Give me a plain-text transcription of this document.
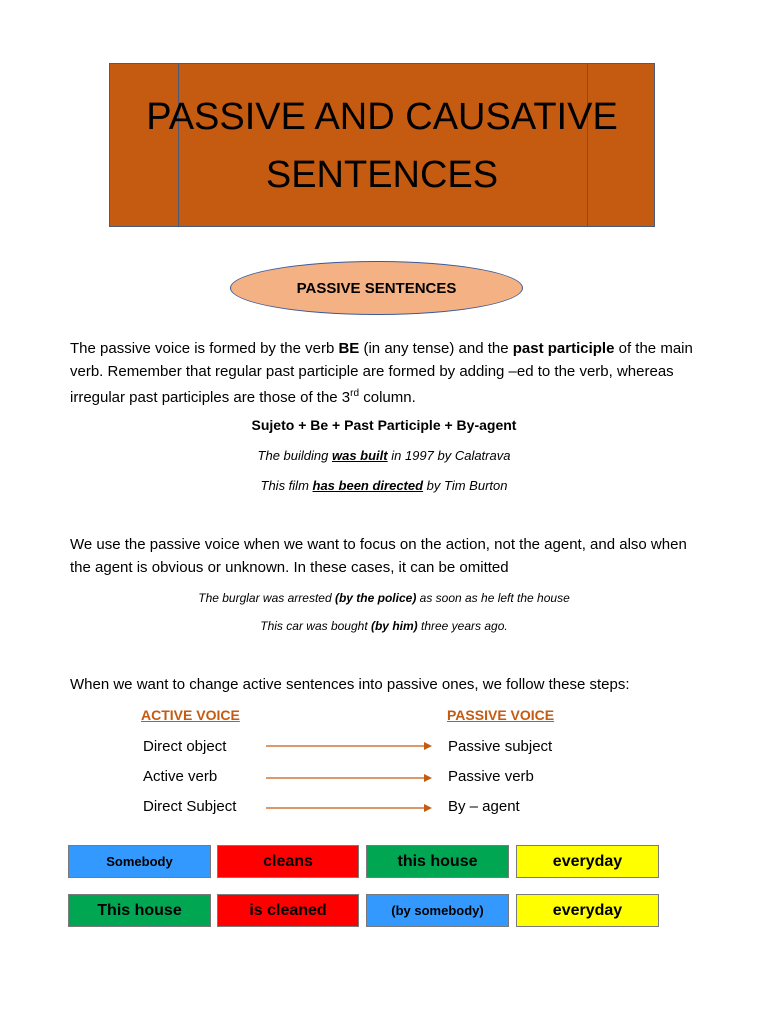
PASSIVE AND CAUSATIVE
SENTENCES
PASSIVE SENTENCES
The passive voice is formed by the verb BE (in any tense) and the past participle of the main verb. Remember that regular past participle are formed by adding –ed to the verb, whereas irregular past participles are those of the 3rd column.
Sujeto + Be + Past Participle + By-agent
The building was built in 1997 by Calatrava
This film has been directed by Tim Burton
We use the passive voice when we want to focus on the action, not the agent, and also when the agent is obvious or unknown. In these cases, it can be omitted
The burglar was arrested (by the police) as soon as he left the house
This car was bought (by him) three years ago.
When we want to change active sentences into passive ones, we follow these steps:
ACTIVE VOICE	PASSIVE VOICE
Direct object	Passive subject
Active verb	Passive verb
Direct Subject	By – agent
Somebody	cleans	this house	everyday
This house	is cleaned	(by somebody)	everyday
